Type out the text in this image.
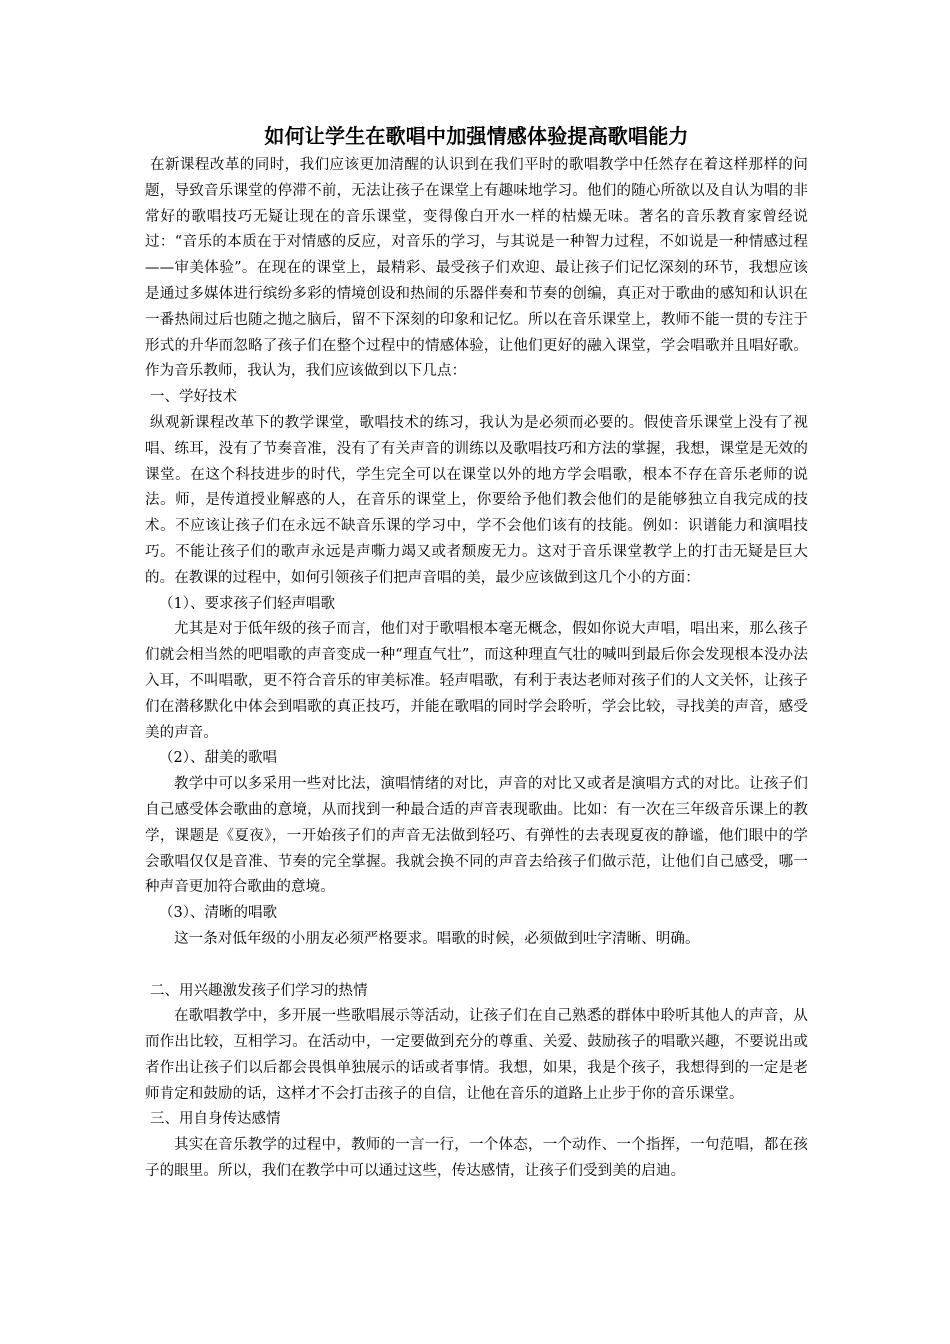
如何让学生在歌唱中加强情感体验提高歌唱能力

在新课程改革的同时，我们应该更加清醒的认识到在我们平时的歌唱教学中任然存在着这样那样的问题，导致音乐课堂的停滞不前，无法让孩子在课堂上有趣味地学习。他们的随心所欲以及自认为唱的非常好的歌唱技巧无疑让现在的音乐课堂，变得像白开水一样的枯燥无味。著名的音乐教育家曾经说过：“音乐的本质在于对情感的反应，对音乐的学习，与其说是一种智力过程，不如说是一种情感过程——审美体验”。在现在的课堂上，最精彩、最受孩子们欢迎、最让孩子们记忆深刻的环节，我想应该是通过多媒体进行缤纷多彩的情境创设和热闹的乐器伴奏和节奏的创编，真正对于歌曲的感知和认识在一番热闹过后也随之抛之脑后，留不下深刻的印象和记忆。所以在音乐课堂上，教师不能一贯的专注于形式的升华而忽略了孩子们在整个过程中的情感体验，让他们更好的融入课堂，学会唱歌并且唱好歌。作为音乐教师，我认为，我们应该做到以下几点：

一、学好技术

纵观新课程改革下的教学课堂，歌唱技术的练习，我认为是必须而必要的。假使音乐课堂上没有了视唱、练耳，没有了节奏音准，没有了有关声音的训练以及歌唱技巧和方法的掌握，我想，课堂是无效的课堂。在这个科技进步的时代，学生完全可以在课堂以外的地方学会唱歌，根本不存在音乐老师的说法。师，是传道授业解惑的人，在音乐的课堂上，你要给予他们教会他们的是能够独立自我完成的技术。不应该让孩子们在永远不缺音乐课的学习中，学不会他们该有的技能。例如：识谱能力和演唱技巧。不能让孩子们的歌声永远是声嘶力竭又或者颓废无力。这对于音乐课堂教学上的打击无疑是巨大的。在教课的过程中，如何引领孩子们把声音唱的美，最少应该做到这几个小的方面：

（1）、要求孩子们轻声唱歌

尤其是对于低年级的孩子而言，他们对于歌唱根本毫无概念，假如你说大声唱，唱出来，那么孩子们就会相当然的吧唱歌的声音变成一种“理直气壮”，而这种理直气壮的喊叫到最后你会发现根本没办法入耳，不叫唱歌，更不符合音乐的审美标准。轻声唱歌，有利于表达老师对孩子们的人文关怀，让孩子们在潜移默化中体会到唱歌的真正技巧，并能在歌唱的同时学会聆听，学会比较，寻找美的声音，感受美的声音。

（2）、甜美的歌唱

教学中可以多采用一些对比法，演唱情绪的对比，声音的对比又或者是演唱方式的对比。让孩子们自己感受体会歌曲的意境，从而找到一种最合适的声音表现歌曲。比如：有一次在三年级音乐课上的教学，课题是《夏夜》，一开始孩子们的声音无法做到轻巧、有弹性的去表现夏夜的静谧，他们眼中的学会歌唱仅仅是音准、节奏的完全掌握。我就会换不同的声音去给孩子们做示范，让他们自己感受，哪一种声音更加符合歌曲的意境。

（3）、清晰的唱歌

这一条对低年级的小朋友必须严格要求。唱歌的时候，必须做到吐字清晰、明确。

二、用兴趣激发孩子们学习的热情

在歌唱教学中，多开展一些歌唱展示等活动，让孩子们在自己熟悉的群体中聆听其他人的声音，从而作出比较，互相学习。在活动中，一定要做到充分的尊重、关爱、鼓励孩子的唱歌兴趣，不要说出或者作出让孩子们以后都会畏惧单独展示的话或者事情。我想，如果，我是个孩子，我想得到的一定是老师肯定和鼓励的话，这样才不会打击孩子的自信，让他在音乐的道路上止步于你的音乐课堂。

三、用自身传达感情

其实在音乐教学的过程中，教师的一言一行，一个体态，一个动作、一个指挥，一句范唱，都在孩子的眼里。所以，我们在教学中可以通过这些，传达感情，让孩子们受到美的启迪。
